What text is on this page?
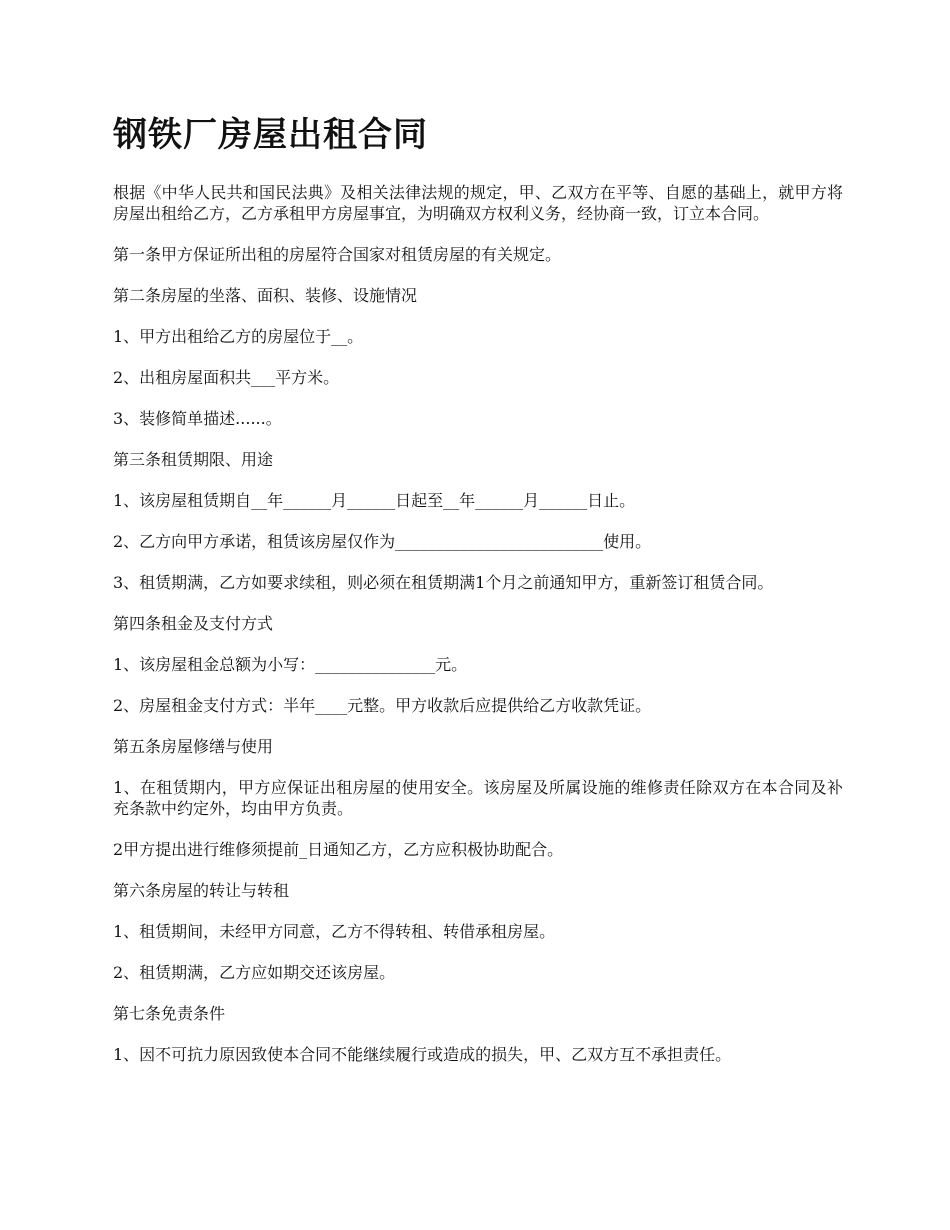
钢铁厂房屋出租合同

根据《中华人民共和国民法典》及相关法律法规的规定，甲、乙双方在平等、自愿的基础上，就甲方将房屋出租给乙方，乙方承租甲方房屋事宜，为明确双方权利义务，经协商一致，订立本合同。

第一条甲方保证所出租的房屋符合国家对租赁房屋的有关规定。

第二条房屋的坐落、面积、装修、设施情况

1、甲方出租给乙方的房屋位于__。

2、出租房屋面积共___平方米。

3、装修简单描述......。

第三条租赁期限、用途

1、该房屋租赁期自__年______月______日起至__年______月______日止。

2、乙方向甲方承诺，租赁该房屋仅作为__________________________使用。

3、租赁期满，乙方如要求续租，则必须在租赁期满1个月之前通知甲方，重新签订租赁合同。

第四条租金及支付方式

1、该房屋租金总额为小写：_______________元。

2、房屋租金支付方式：半年____元整。甲方收款后应提供给乙方收款凭证。

第五条房屋修缮与使用

1、在租赁期内，甲方应保证出租房屋的使用安全。该房屋及所属设施的维修责任除双方在本合同及补充条款中约定外，均由甲方负责。

2甲方提出进行维修须提前_日通知乙方，乙方应积极协助配合。

第六条房屋的转让与转租

1、租赁期间，未经甲方同意，乙方不得转租、转借承租房屋。

2、租赁期满，乙方应如期交还该房屋。

第七条免责条件

1、因不可抗力原因致使本合同不能继续履行或造成的损失，甲、乙双方互不承担责任。
